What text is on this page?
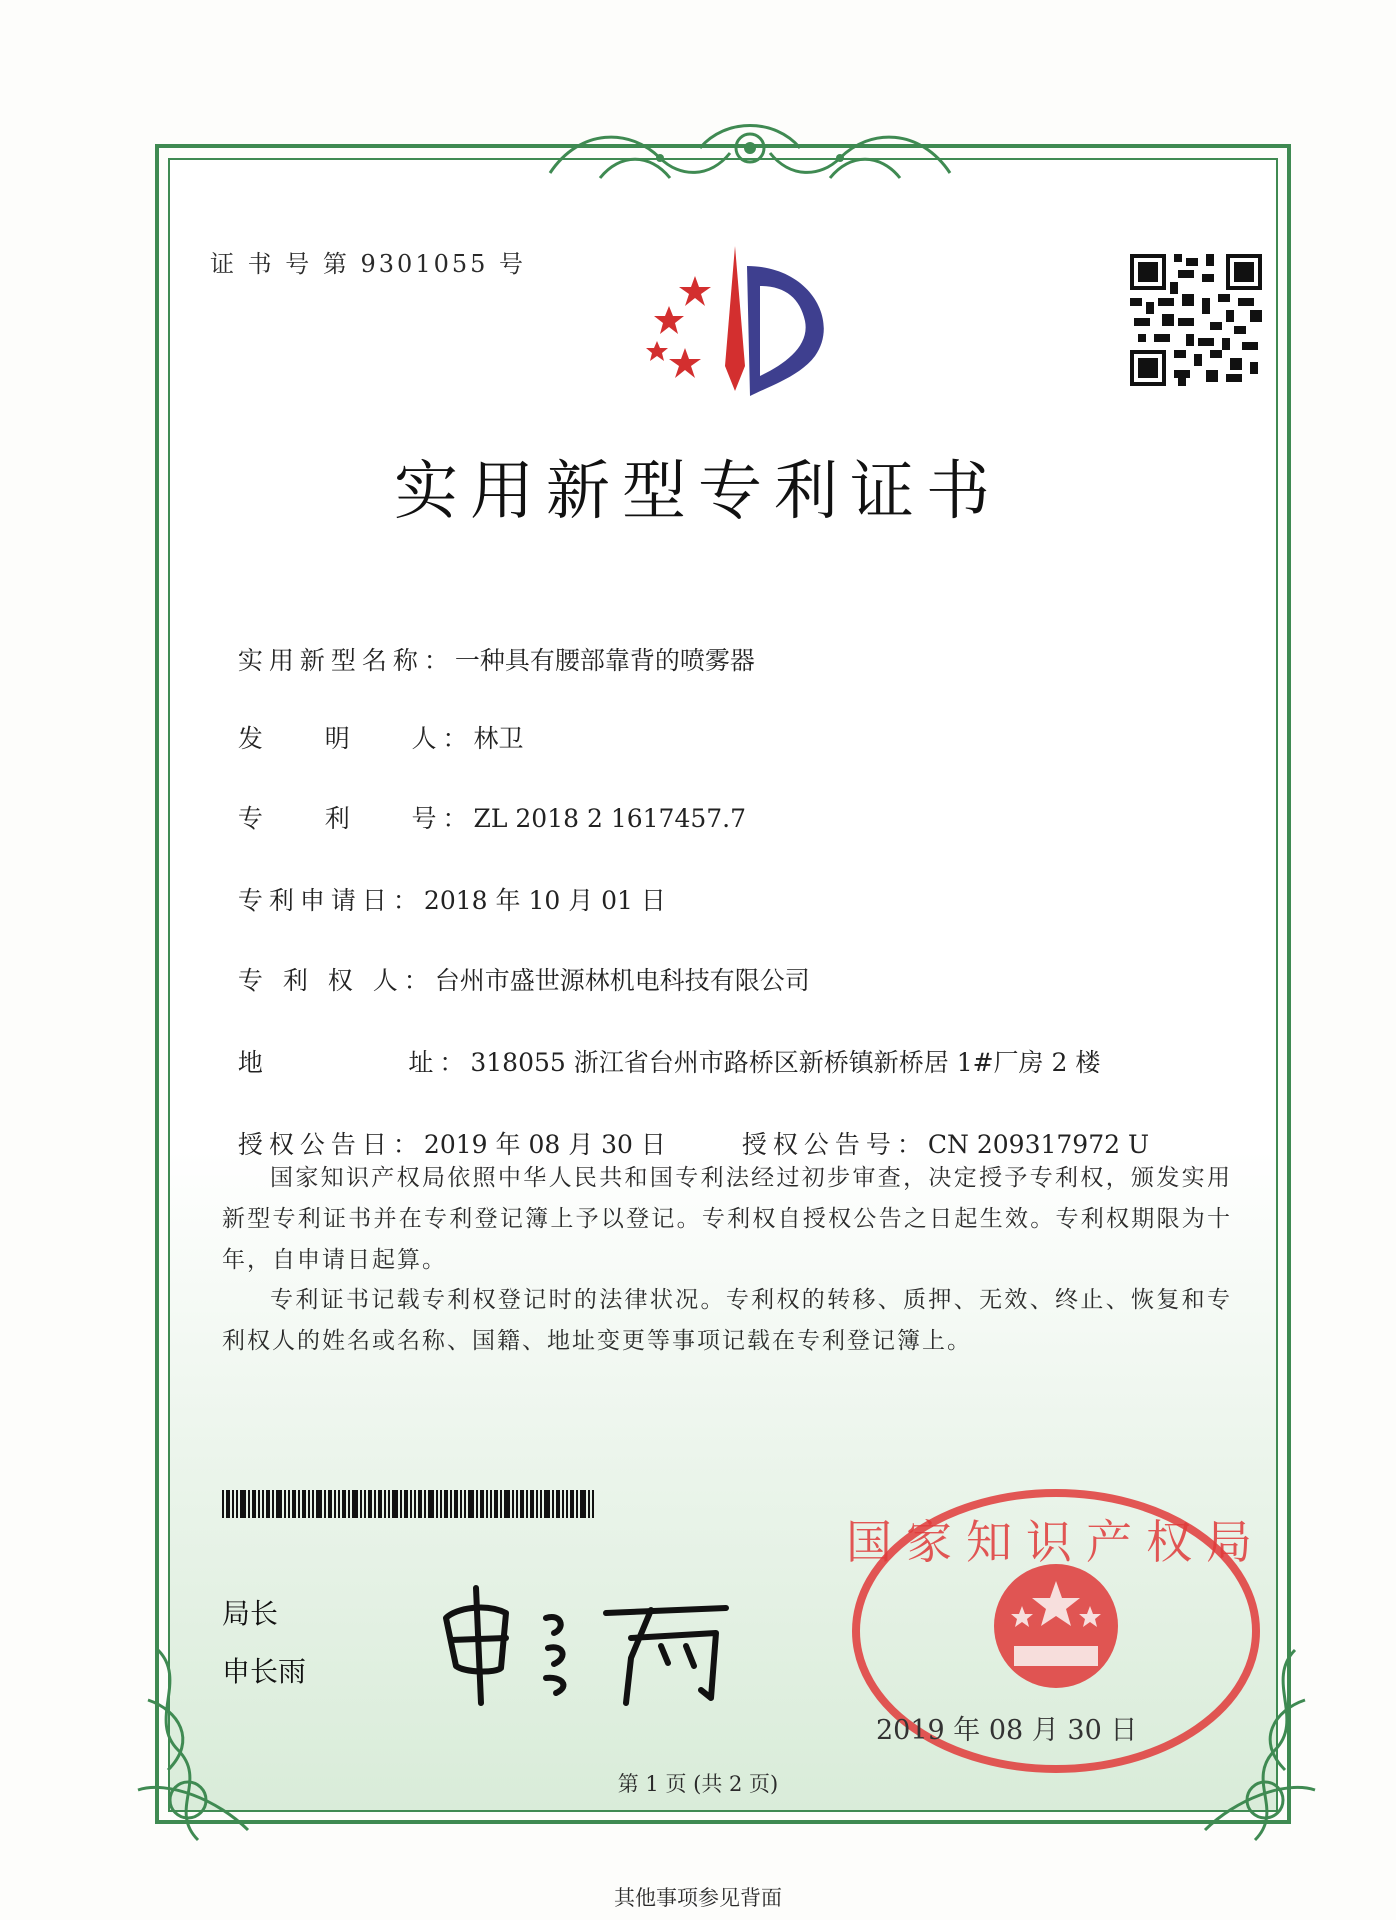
证 书 号 第 9301055 号
实用新型专利证书

实用新型名称：一种具有腰部靠背的喷雾器

发    明    人：林卫

专    利    号：ZL 2018 2 1617457.7

专利申请日：2018 年 10 月 01 日

专 利 权 人：台州市盛世源林机电科技有限公司

地          址：318055 浙江省台州市路桥区新桥镇新桥居 1#厂房 2 楼

授权公告日：2019 年 08 月 30 日	授权公告号：CN 209317972 U

国家知识产权局依照中华人民共和国专利法经过初步审查，决定授予专利权，颁发实用新型专利证书并在专利登记簿上予以登记。专利权自授权公告之日起生效。专利权期限为十年，自申请日起算。
专利证书记载专利权登记时的法律状况。专利权的转移、质押、无效、终止、恢复和专利权人的姓名或名称、国籍、地址变更等事项记载在专利登记簿上。
局长
申长雨
国家知识产权局
2019 年 08 月 30 日
第 1 页 (共 2 页)
其他事项参见背面
